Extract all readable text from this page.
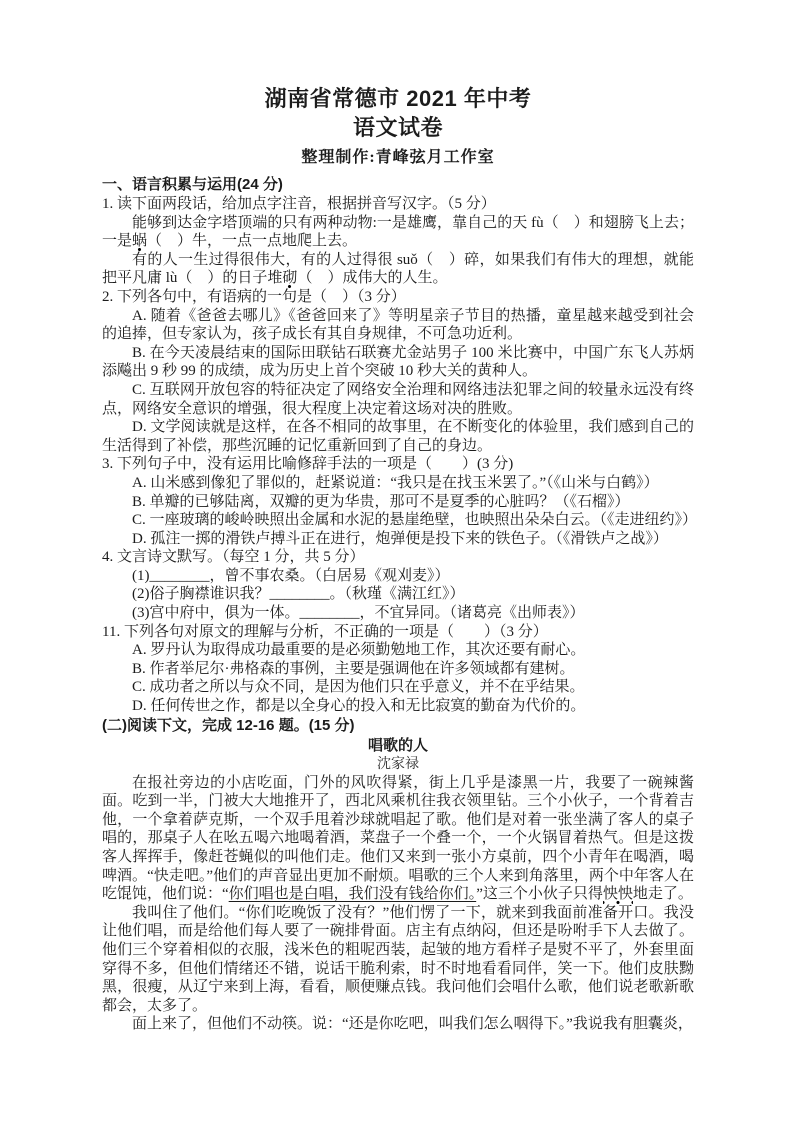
湖南省常德市 2021 年中考
语文试卷
整理制作:青峰弦月工作室
一、语言积累与运用(24 分)

1. 读下面两段话，给加点字注音，根据拼音写汉字。（5 分）

能够到达金字塔顶端的只有两种动物:一是雄鹰，靠自己的天 fù（　）和翅膀飞上去；一是蜗（　）牛，一点一点地爬上去。

有的人一生过得很伟大，有的人过得很 suǒ（　）碎，如果我们有伟大的理想，就能把平凡庸 lù（　）的日子堆砌（　）成伟大的人生。

2. 下列各句中，有语病的一句是（　）（3 分）

A. 随着《爸爸去哪儿》《爸爸回来了》等明星亲子节目的热播，童星越来越受到社会的追捧，但专家认为，孩子成长有其自身规律，不可急功近利。

B. 在今天凌晨结束的国际田联钻石联赛尤金站男子 100 米比赛中，中国广东飞人苏炳添飚出 9 秒 99 的成绩，成为历史上首个突破 10 秒大关的黄种人。

C. 互联网开放包容的特征决定了网络安全治理和网络违法犯罪之间的较量永远没有终点，网络安全意识的增强，很大程度上决定着这场对决的胜败。

D. 文学阅读就是这样，在各不相同的故事里，在不断变化的体验里，我们感到自己的生活得到了补偿，那些沉睡的记忆重新回到了自己的身边。

3. 下列句子中，没有运用比喻修辞手法的一项是（　　）(3 分)

A. 山米感到像犯了罪似的，赶紧说道：“我只是在找玉米罢了。”（《山米与白鹤》）

B. 单瓣的已够陆离，双瓣的更为华贵，那可不是夏季的心脏吗？（《石榴》）

C. 一座玻璃的峻岭映照出金属和水泥的悬崖绝壁，也映照出朵朵白云。（《走进纽约》）

D. 孤注一掷的滑铁卢搏斗正在进行，炮弹便是投下来的铁色子。（《滑铁卢之战》）

4. 文言诗文默写。（每空 1 分，共 5 分）

(1)________，曾不事农桑。（白居易《观刈麦》）

(2)俗子胸襟谁识我？________。（秋瑾《满江红》）

(3)宫中府中，俱为一体。________，不宜异同。（诸葛亮《出师表》）

11. 下列各句对原文的理解与分析，不正确的一项是（　　）（3 分）

A. 罗丹认为取得成功最重要的是必须勤勉地工作，其次还要有耐心。

B. 作者举尼尔·弗格森的事例，主要是强调他在许多领域都有建树。

C. 成功者之所以与众不同，是因为他们只在乎意义，并不在乎结果。

D. 任何传世之作，都是以全身心的投入和无比寂寞的勤奋为代价的。

(二)阅读下文，完成 12-16 题。(15 分)
唱歌的人
沈家禄

在报社旁边的小店吃面，门外的风吹得紧，街上几乎是漆黑一片，我要了一碗辣酱面。吃到一半，门被大大地推开了，西北风乘机往我衣领里钻。三个小伙子，一个背着吉他，一个拿着萨克斯，一个双手甩着沙球就唱起了歌。他们是对着一张坐满了客人的桌子唱的，那桌子人在吆五喝六地喝着酒，菜盘子一个叠一个，一个火锅冒着热气。但是这拨客人挥挥手，像赶苍蝇似的叫他们走。他们又来到一张小方桌前，四个小青年在喝酒，喝啤酒。“快走吧。”他们的声音显出更加不耐烦。唱歌的三个人来到角落里，两个中年客人在吃馄饨，他们说：“你们唱也是白唱，我们没有钱给你们。”这三个小伙子只得怏怏地走了。

我叫住了他们。“你们吃晚饭了没有？”他们愣了一下，就来到我面前准备开口。我没让他们唱，而是给他们每人要了一碗排骨面。店主有点纳闷，但还是吩咐手下人去做了。他们三个穿着相似的衣服，浅米色的粗呢西装，起皱的地方看样子是熨不平了，外套里面穿得不多，但他们情绪还不错，说话干脆利索，时不时地看看同伴，笑一下。他们皮肤黝黑，很瘦，从辽宁来到上海，看看，顺便赚点钱。我问他们会唱什么歌，他们说老歌新歌都会，太多了。

面上来了，但他们不动筷。说：“还是你吃吧，叫我们怎么咽得下。”我说我有胆囊炎，
